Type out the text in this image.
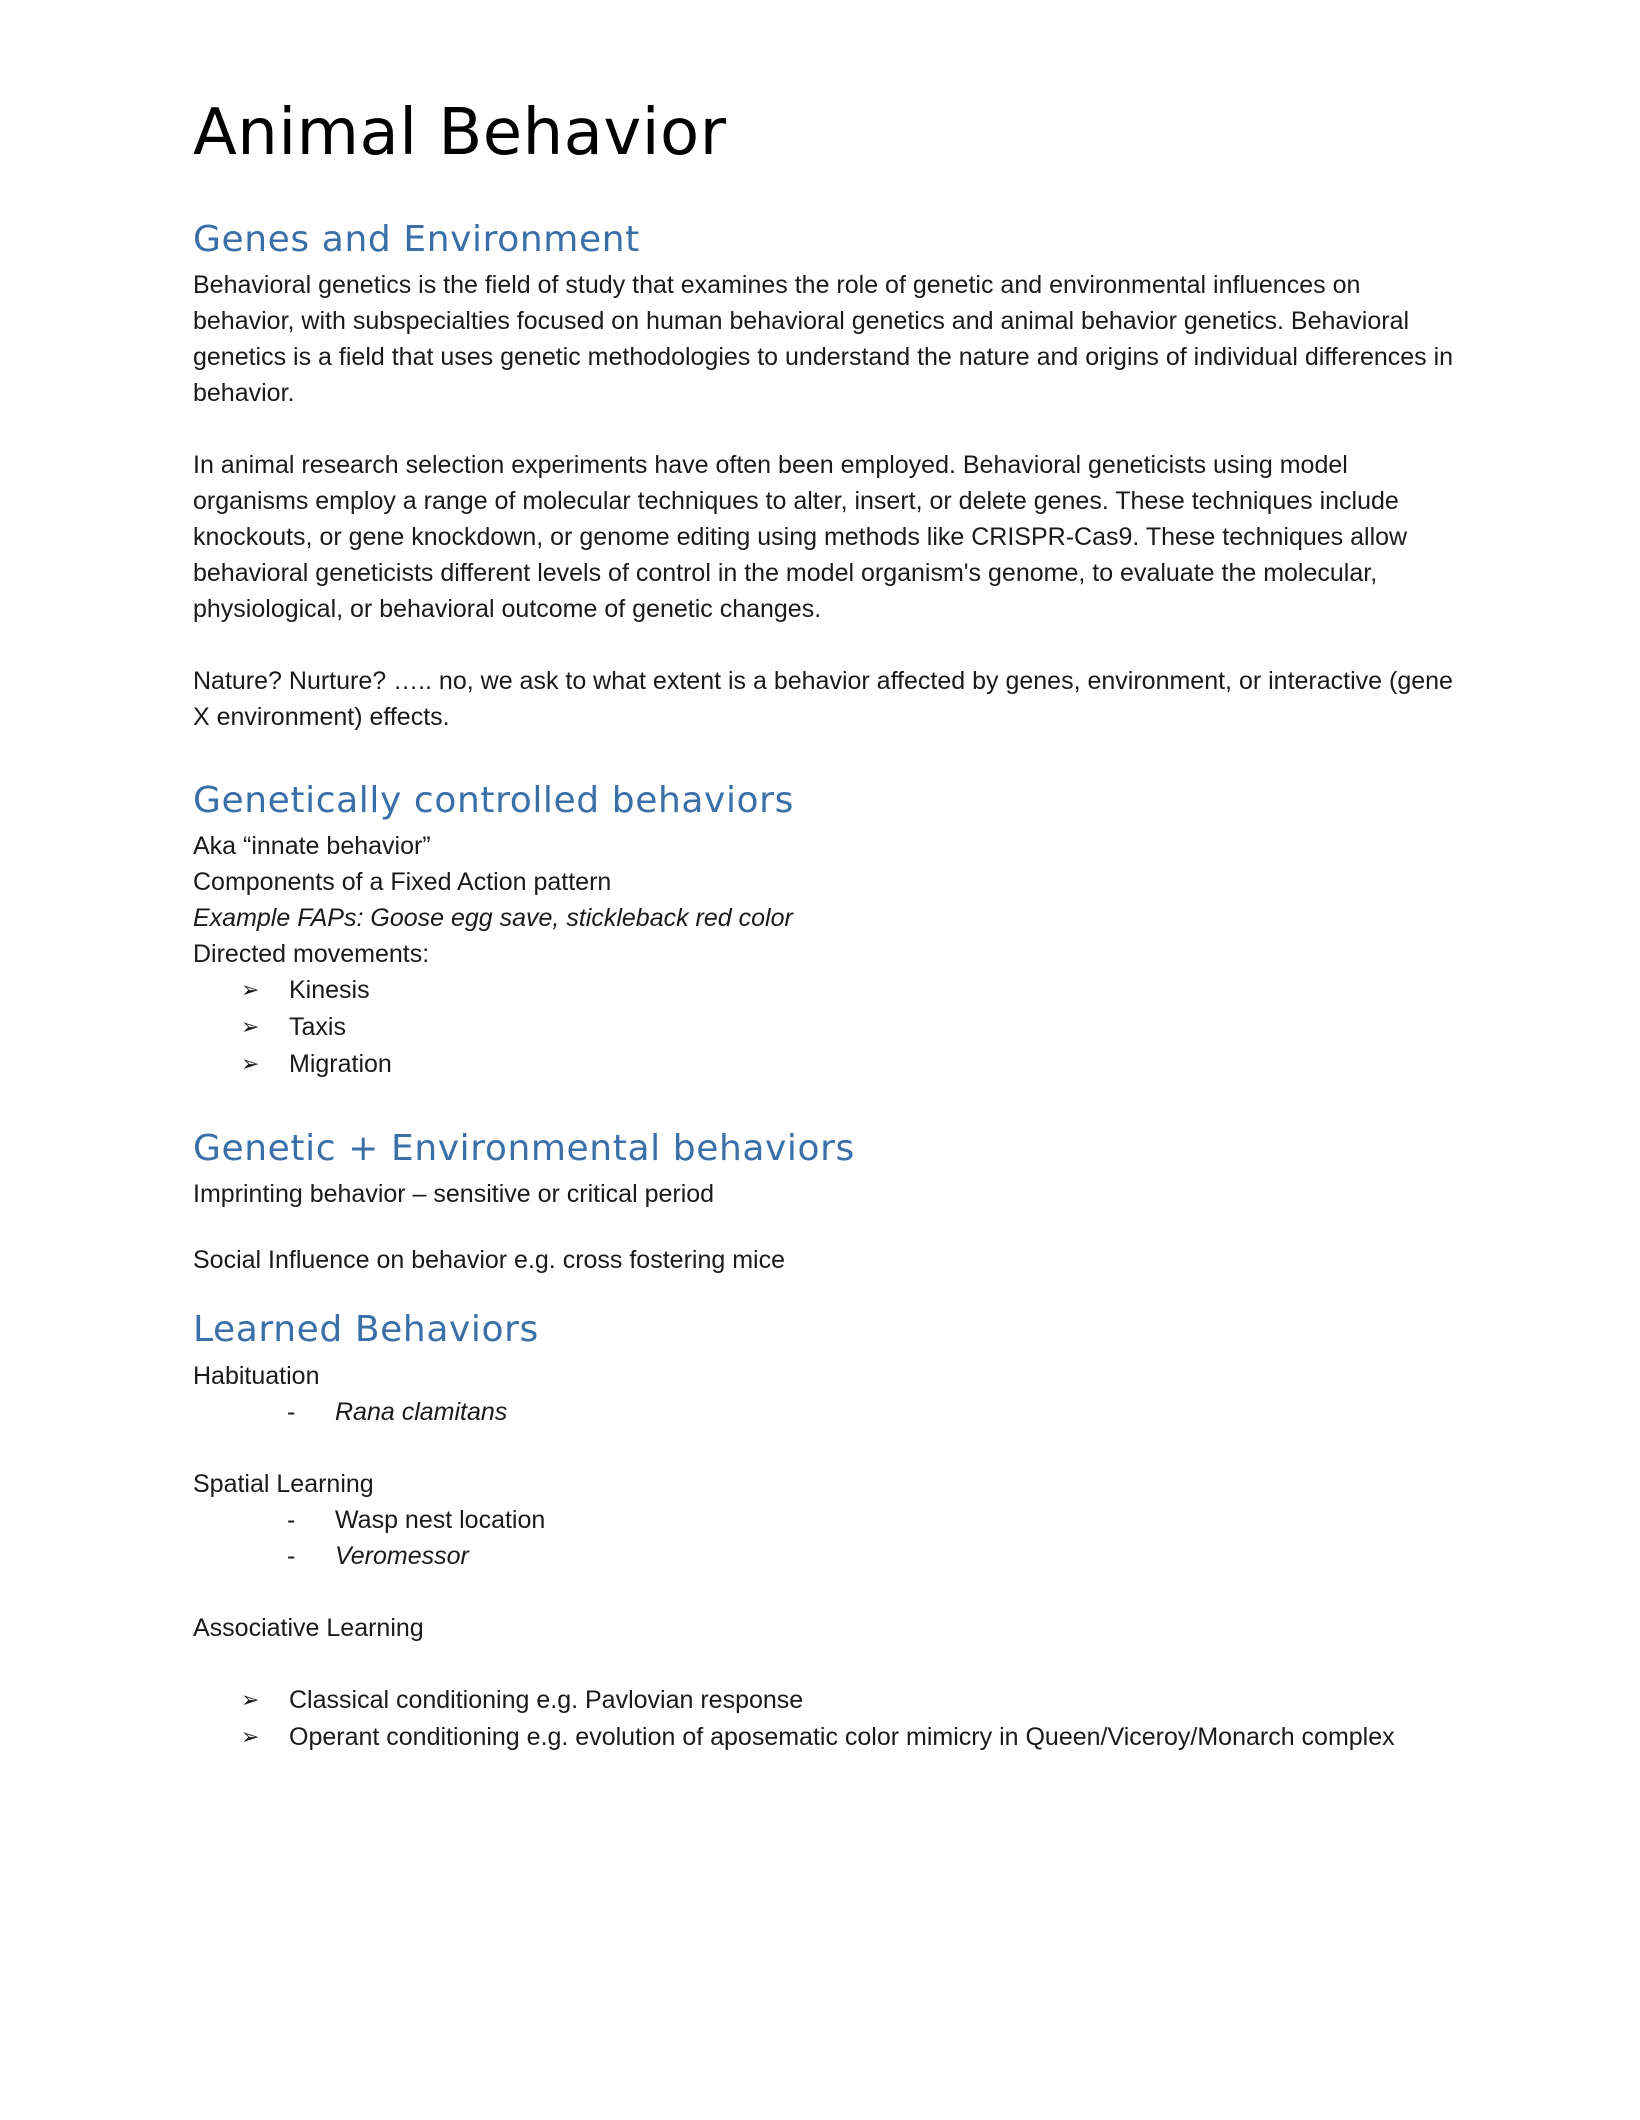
Animal Behavior
Genes and Environment

Behavioral genetics is the field of study that examines the role of genetic and environmental influences on behavior, with subspecialties focused on human behavioral genetics and animal behavior genetics. Behavioral genetics is a field that uses genetic methodologies to understand the nature and origins of individual differences in behavior.

In animal research selection experiments have often been employed. Behavioral geneticists using model organisms employ a range of molecular techniques to alter, insert, or delete genes. These techniques include knockouts, or gene knockdown, or genome editing using methods like CRISPR-Cas9. These techniques allow behavioral geneticists different levels of control in the model organism's genome, to evaluate the molecular, physiological, or behavioral outcome of genetic changes.

Nature? Nurture? ….. no, we ask to what extent is a behavior affected by genes, environment, or interactive (gene X environment) effects.

Genetically controlled behaviors

Aka “innate behavior”

Components of a Fixed Action pattern

Example FAPs: Goose egg save, stickleback red color

Directed movements:

➢ Kinesis
➢ Taxis
➢ Migration
Genetic + Environmental behaviors

Imprinting behavior – sensitive or critical period

Social Influence on behavior e.g. cross fostering mice

Learned Behaviors

Habituation

- Rana clamitans

Spatial Learning

- Wasp nest location
- Veromessor

Associative Learning

➢ Classical conditioning e.g. Pavlovian response
➢ Operant conditioning e.g. evolution of aposematic color mimicry in Queen/Viceroy/Monarch complex
